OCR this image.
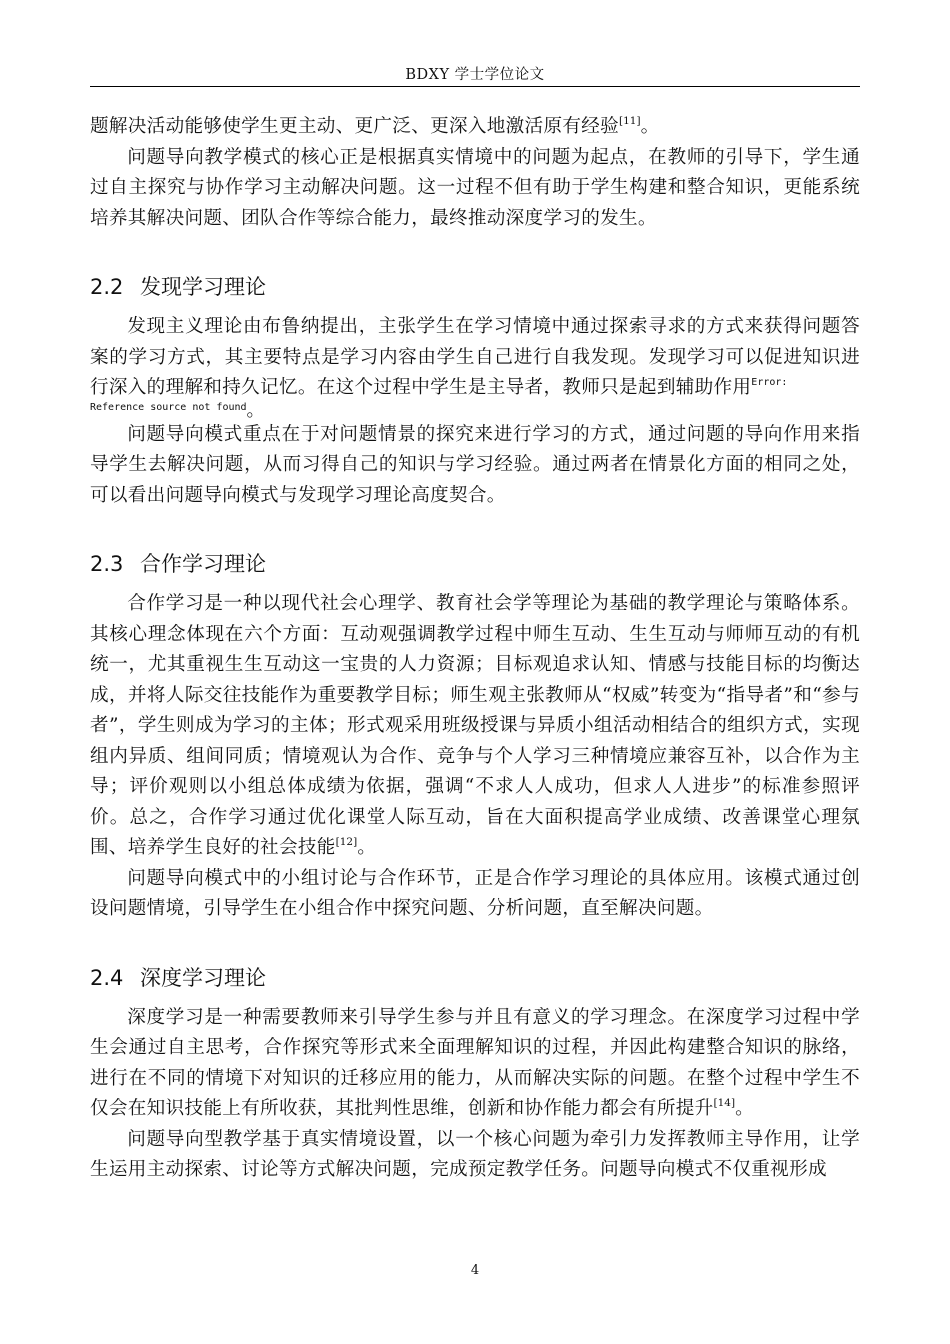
BDXY 学士学位论文

题解决活动能够使学生更主动、更广泛、更深入地激活原有经验[11]。

问题导向教学模式的核心正是根据真实情境中的问题为起点，在教师的引导下，学生通过自主探究与协作学习主动解决问题。这一过程不但有助于学生构建和整合知识，更能系统培养其解决问题、团队合作等综合能力，最终推动深度学习的发生。

2.2 发现学习理论

发现主义理论由布鲁纳提出，主张学生在学习情境中通过探索寻求的方式来获得问题答案的学习方式，其主要特点是学习内容由学生自己进行自我发现。发现学习可以促进知识进行深入的理解和持久记忆。在这个过程中学生是主导者，教师只是起到辅助作用$^{Error:}$

Reference source not found。

问题导向模式重点在于对问题情景的探究来进行学习的方式，通过问题的导向作用来指导学生去解决问题，从而习得自己的知识与学习经验。通过两者在情景化方面的相同之处，可以看出问题导向模式与发现学习理论高度契合。

2.3 合作学习理论

合作学习是一种以现代社会心理学、教育社会学等理论为基础的教学理论与策略体系。其核心理念体现在六个方面：互动观强调教学过程中师生互动、生生互动与师师互动的有机统一，尤其重视生生互动这一宝贵的人力资源；目标观追求认知、情感与技能目标的均衡达成，并将人际交往技能作为重要教学目标；师生观主张教师从“权威”转变为“指导者”和“参与者”，学生则成为学习的主体；形式观采用班级授课与异质小组活动相结合的组织方式，实现组内异质、组间同质；情境观认为合作、竞争与个人学习三种情境应兼容互补，以合作为主导；评价观则以小组总体成绩为依据，强调“不求人人成功，但求人人进步”的标准参照评价。总之，合作学习通过优化课堂人际互动，旨在大面积提高学业成绩、改善课堂心理氛围、培养学生良好的社会技能[12]。

问题导向模式中的小组讨论与合作环节，正是合作学习理论的具体应用。该模式通过创设问题情境，引导学生在小组合作中探究问题、分析问题，直至解决问题。

2.4 深度学习理论

深度学习是一种需要教师来引导学生参与并且有意义的学习理念。在深度学习过程中学生会通过自主思考，合作探究等形式来全面理解知识的过程，并因此构建整合知识的脉络，进行在不同的情境下对知识的迁移应用的能力，从而解决实际的问题。在整个过程中学生不仅会在知识技能上有所收获，其批判性思维，创新和协作能力都会有所提升[14]。

问题导向型教学基于真实情境设置，以一个核心问题为牵引力发挥教师主导作用，让学生运用主动探索、讨论等方式解决问题，完成预定教学任务。问题导向模式不仅重视形成

4
